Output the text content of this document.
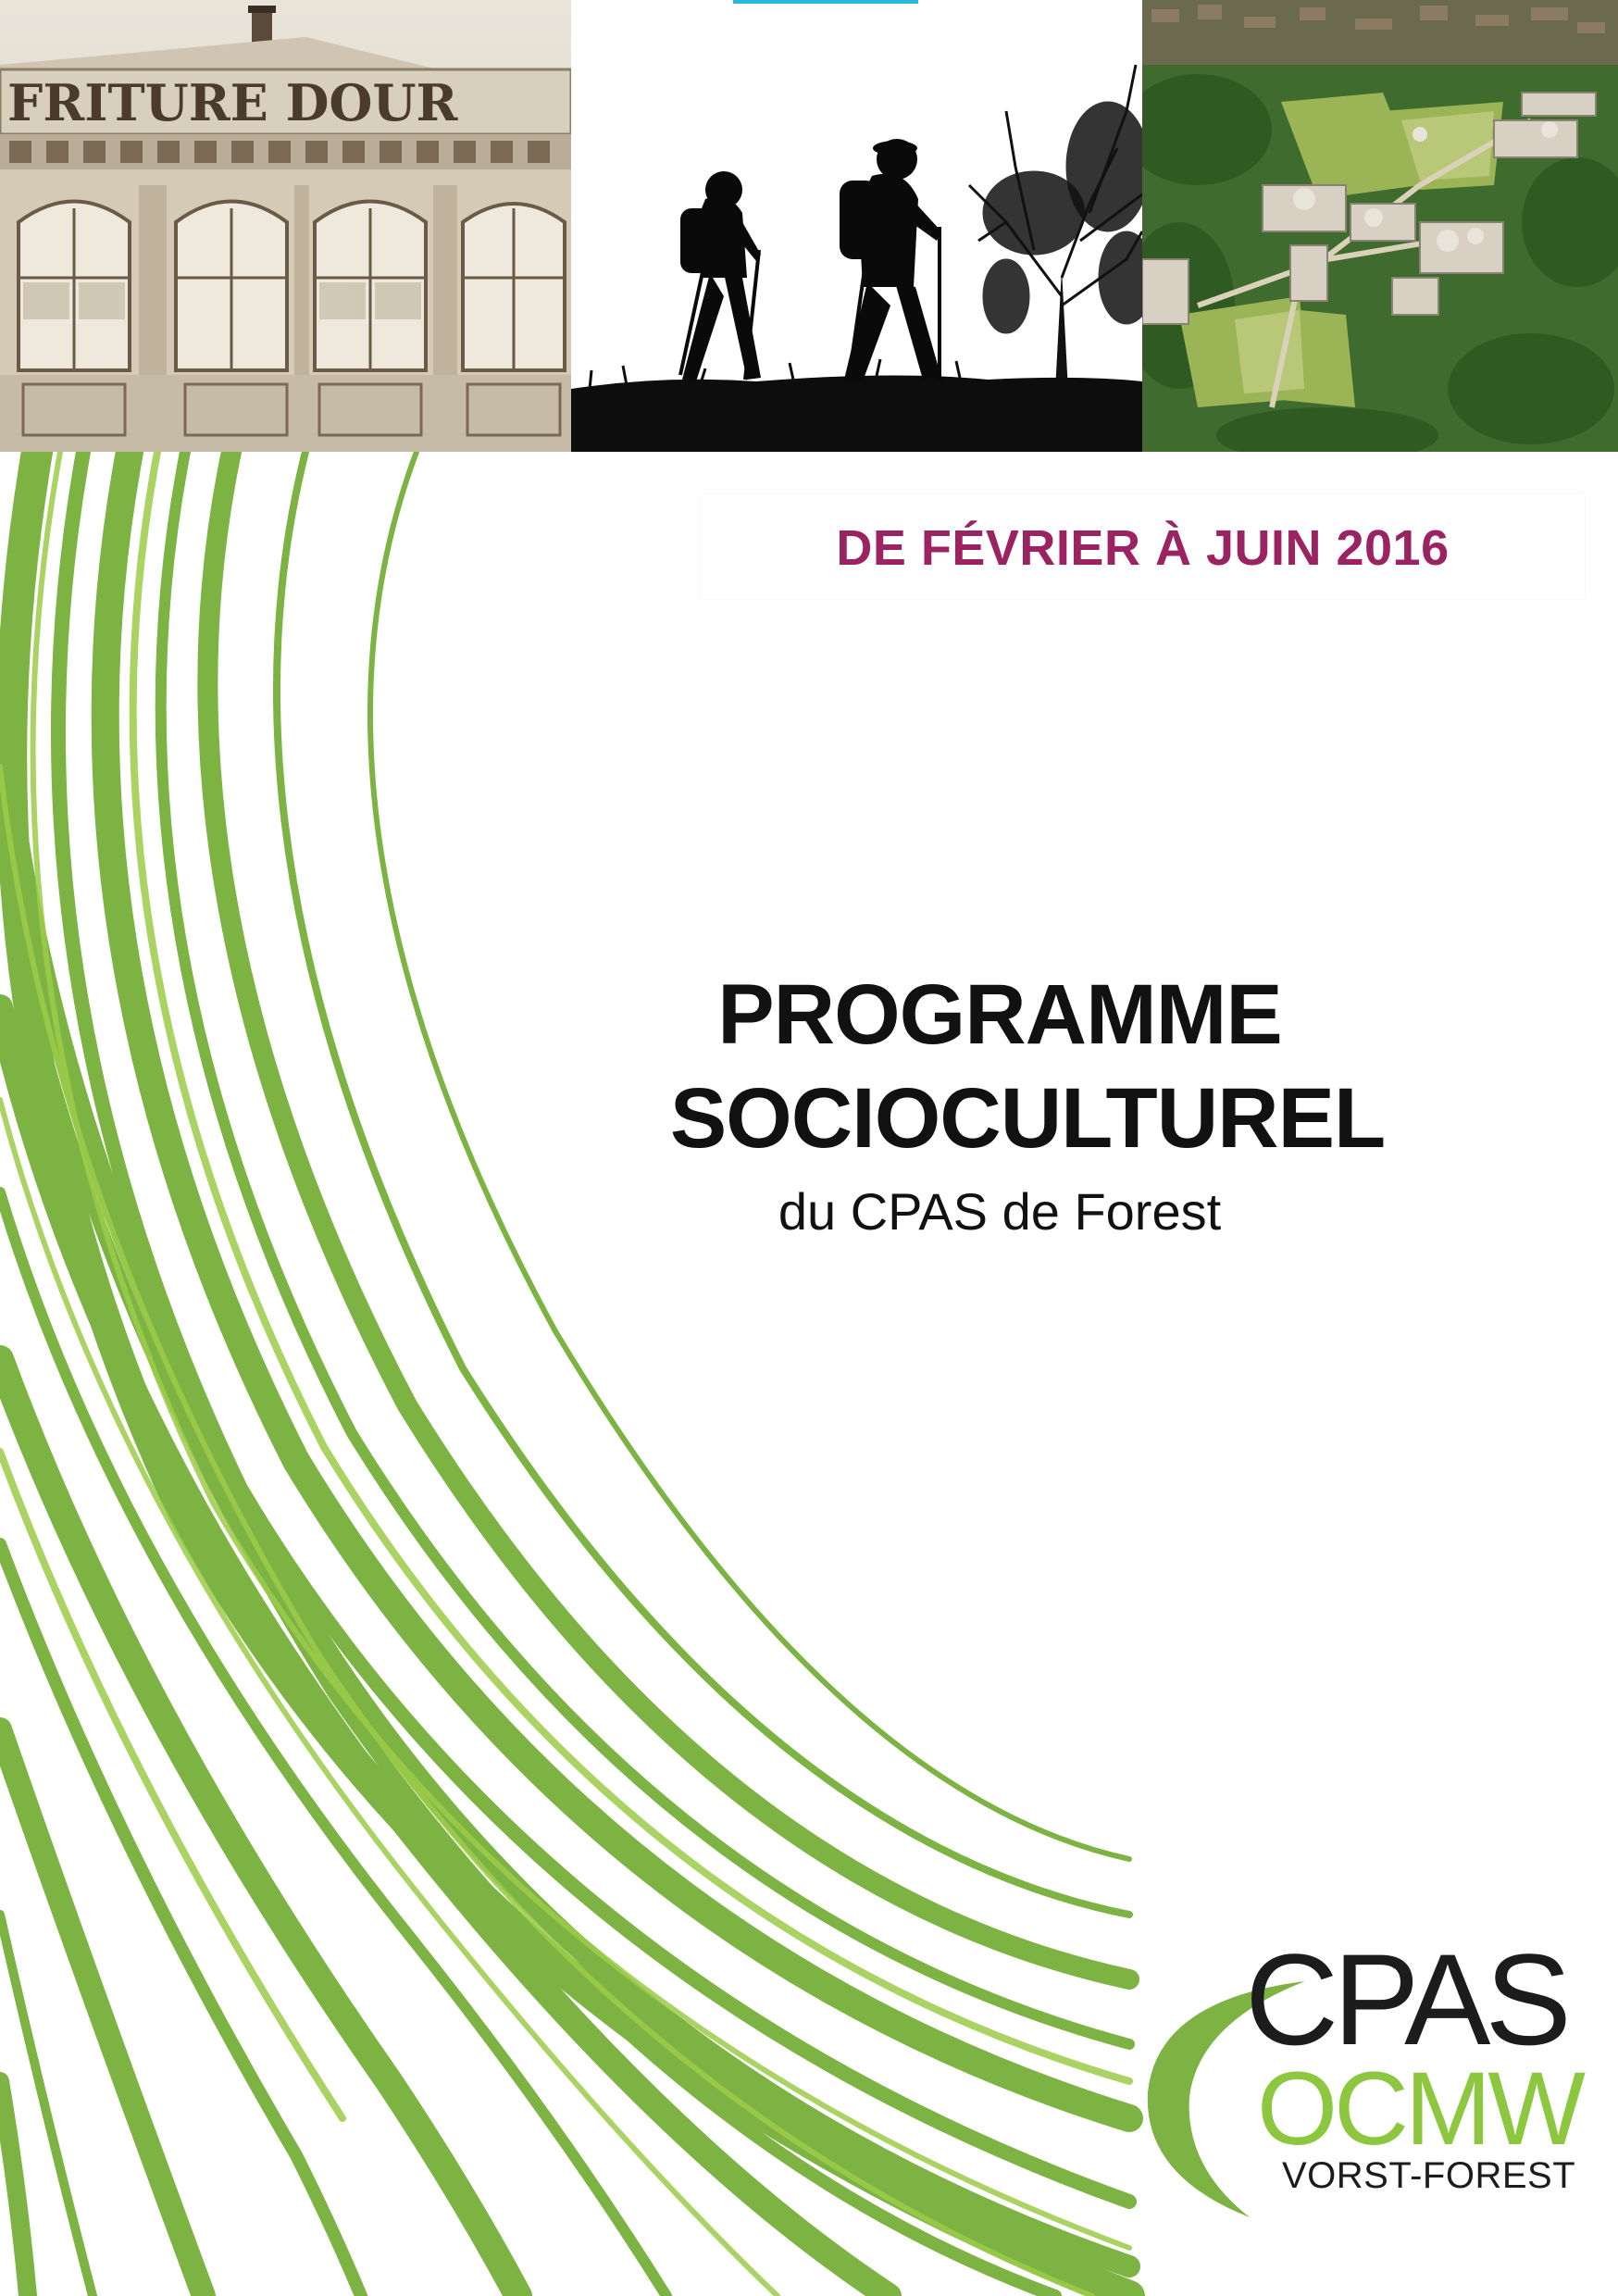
FRITURE DOUR
DE FÉVRIER À JUIN 2016
PROGRAMME
SOCIOCULTUREL
du CPAS de Forest
CPAS
OCMW
VORST-FOREST
